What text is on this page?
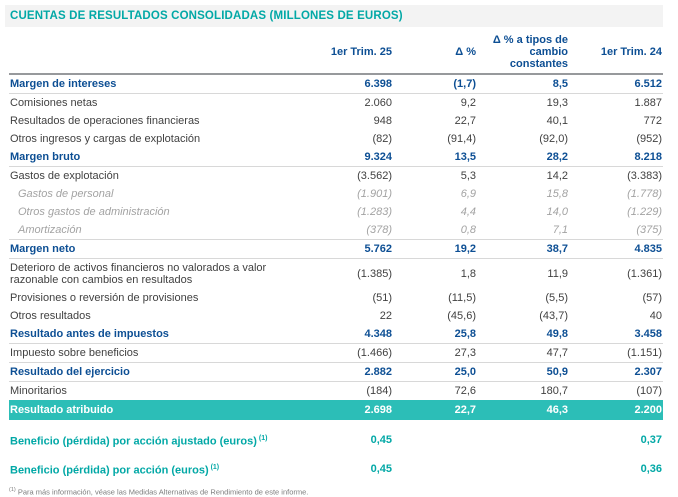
CUENTAS DE RESULTADOS CONSOLIDADAS (MILLONES DE EUROS)
	1er Trim. 25	Δ %	Δ % a tipos de
cambio
constantes	1er Trim. 24
Margen de intereses	6.398	(1,7)	8,5	6.512
Comisiones netas	2.060	9,2	19,3	1.887
Resultados de operaciones financieras	948	22,7	40,1	772
Otros ingresos y cargas de explotación	(82)	(91,4)	(92,0)	(952)
Margen bruto	9.324	13,5	28,2	8.218
Gastos de explotación	(3.562)	5,3	14,2	(3.383)
Gastos de personal	(1.901)	6,9	15,8	(1.778)
Otros gastos de administración	(1.283)	4,4	14,0	(1.229)
Amortización	(378)	0,8	7,1	(375)
Margen neto	5.762	19,2	38,7	4.835
Deterioro de activos financieros no valorados a valor razonable con cambios en resultados	(1.385)	1,8	11,9	(1.361)
Provisiones o reversión de provisiones	(51)	(11,5)	(5,5)	(57)
Otros resultados	22	(45,6)	(43,7)	40
Resultado antes de impuestos	4.348	25,8	49,8	3.458
Impuesto sobre beneficios	(1.466)	27,3	47,7	(1.151)
Resultado del ejercicio	2.882	25,0	50,9	2.307
Minoritarios	(184)	72,6	180,7	(107)
Resultado atribuido	2.698	22,7	46,3	2.200
Beneficio (pérdida) por acción ajustado (euros) $^{(1)}$	0,45			0,37
Beneficio (pérdida) por acción (euros) $^{(1)}$	0,45			0,36
$^{(1)}$ Para más información, véase las Medidas Alternativas de Rendimiento de este informe.
